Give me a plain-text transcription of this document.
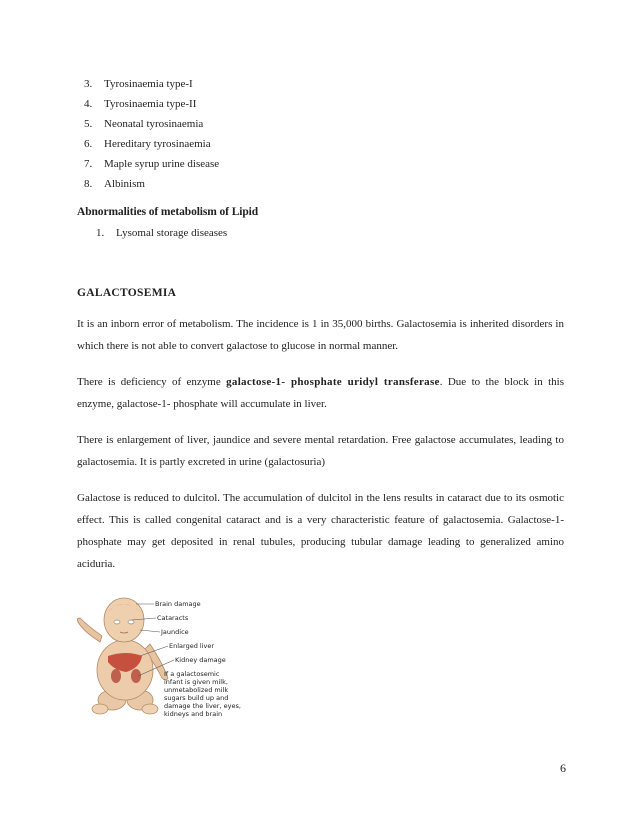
3.	Tyrosinaemia type-I
4.	Tyrosinaemia type-II
5.	Neonatal tyrosinaemia
6.	Hereditary tyrosinaemia
7.	Maple syrup urine disease
8.	Albinism
Abnormalities of metabolism of Lipid
1.	Lysomal storage diseases
GALACTOSEMIA

It is an inborn error of metabolism. The incidence is 1 in 35,000 births. Galactosemia is inherited disorders in which there is not able to convert galactose to glucose in normal manner.

There is deficiency of enzyme galactose-1- phosphate uridyl transferase. Due to the block in this enzyme, galactose-1- phosphate will accumulate in liver.

There is enlargement of liver, jaundice and severe mental retardation. Free galactose accumulates, leading to galactosemia. It is partly excreted in urine (galactosuria)

Galactose is reduced to dulcitol. The accumulation of dulcitol in the lens results in cataract due to its osmotic effect. This is called congenital cataract and is a very characteristic feature of galactosemia. Galactose-1-phosphate may get deposited in renal tubules, producing tubular damage leading to generalized amino aciduria.

Brain damage
Cataracts
Jaundice
Enlarged liver
Kidney damage
If a galactosemic
infant is given milk,
unmetabolized milk
sugars build up and
damage the liver, eyes,
kidneys and brain
6
